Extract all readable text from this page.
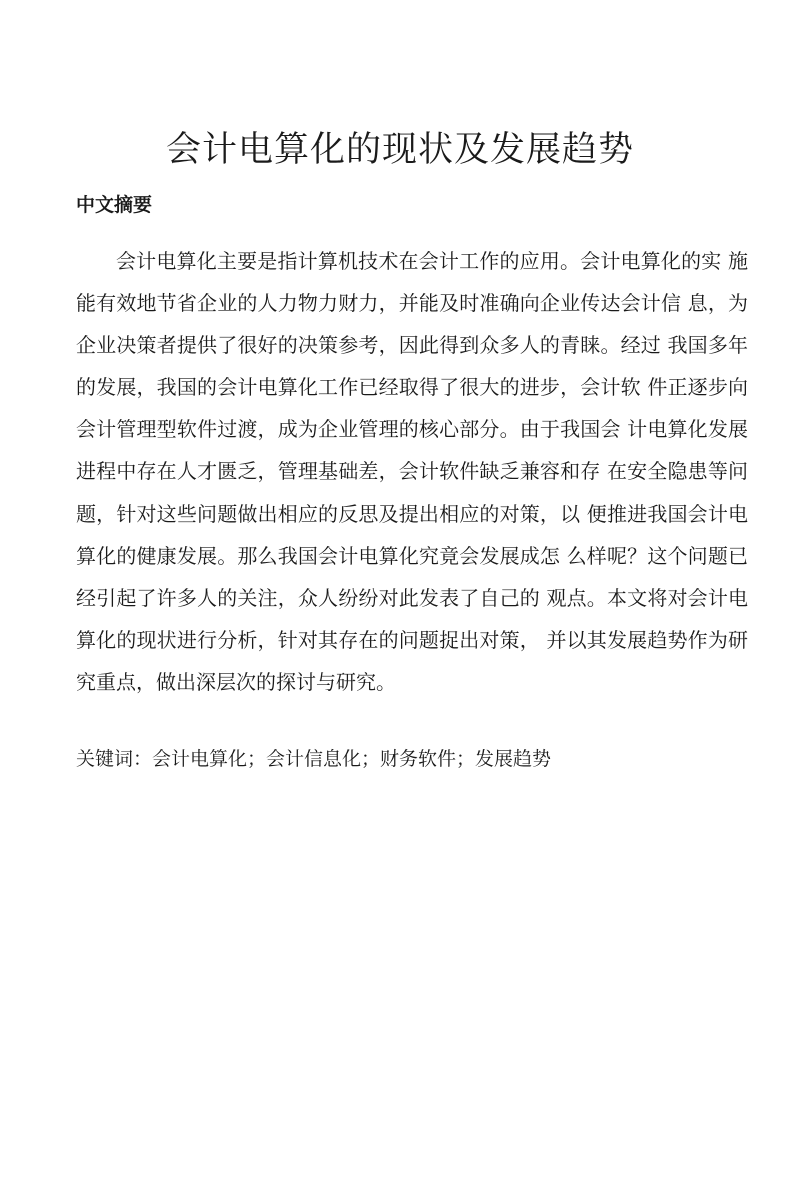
会计电算化的现状及发展趋势
中文摘要

会计电算化主要是指计算机技术在会计工作的应用。会计电算化的实 施
能有效地节省企业的人力物力财力，并能及时准确向企业传达会计信 息，为
企业决策者提供了很好的决策参考，因此得到众多人的青睐。经过 我国多年
的发展，我国的会计电算化工作已经取得了很大的进步，会计软 件正逐步向
会计管理型软件过渡，成为企业管理的核心部分。由于我国会 计电算化发展
进程中存在人才匮乏，管理基础差，会计软件缺乏兼容和存 在安全隐患等问
题，针对这些问题做出相应的反思及提出相应的对策，以 便推进我国会计电
算化的健康发展。那么我国会计电算化究竟会发展成怎 么样呢？这个问题已
经引起了许多人的关注，众人纷纷对此发表了自己的 观点。本文将对会计电
算化的现状进行分析，针对其存在的问题捉出对策， 并以其发展趋势作为研
究重点，做出深层次的探讨与研究。

关键词：会计电算化；会计信息化；财务软件；发展趋势
